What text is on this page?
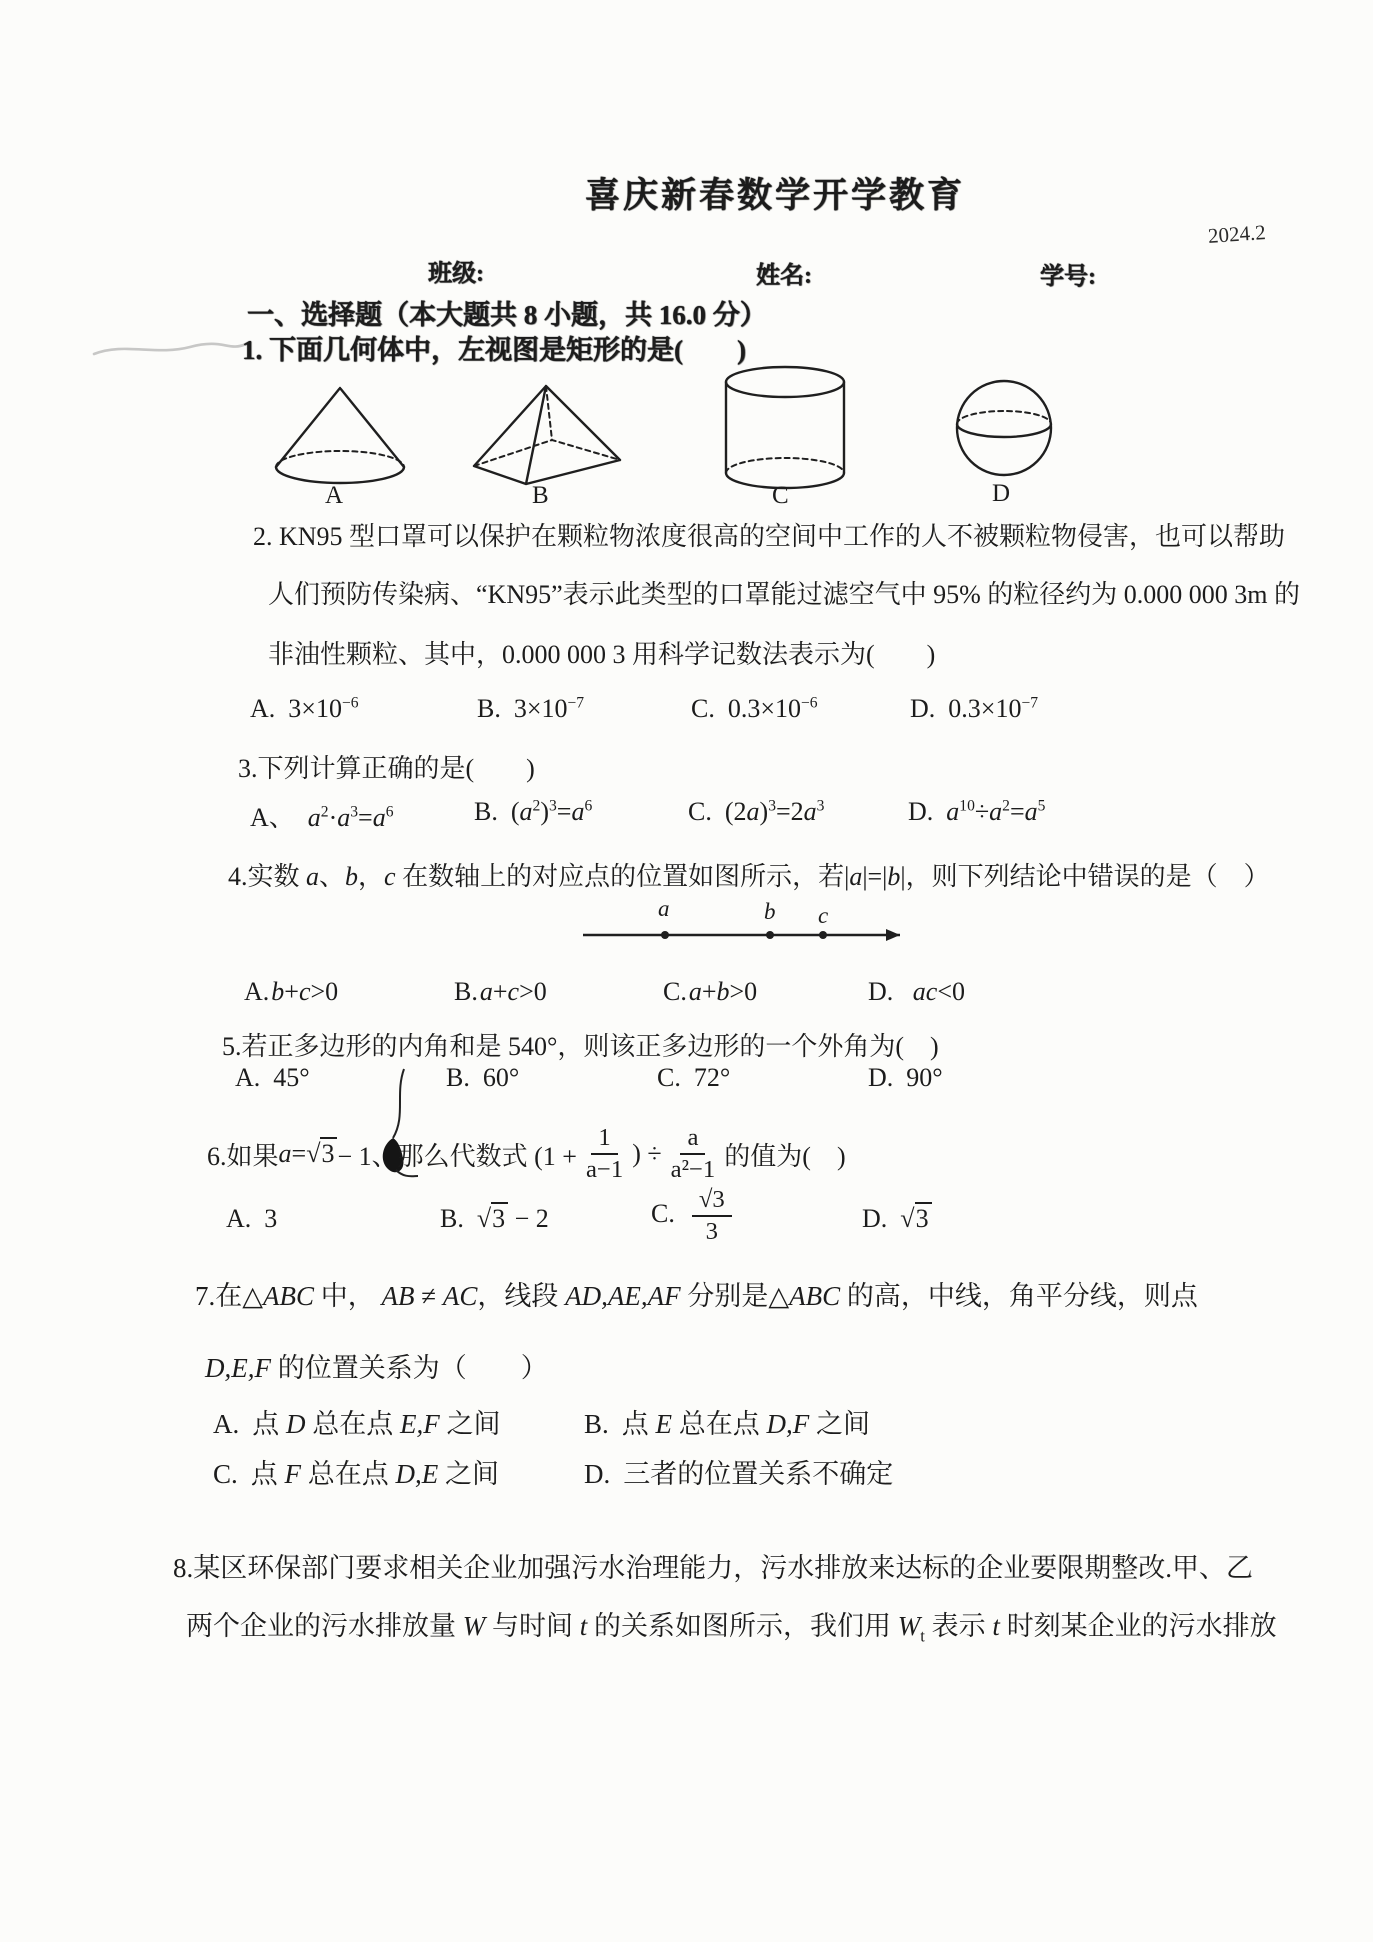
喜庆新春数学开学教育
2024.2
班级:	姓名:	学号:
一、选择题（本大题共 8 小题，共 16.0 分）
1. 下面几何体中，左视图是矩形的是(　　)
A	B	C	D
2. KN95 型口罩可以保护在颗粒物浓度很高的空间中工作的人不被颗粒物侵害，也可以帮助
人们预防传染病、“KN95”表示此类型的口罩能过滤空气中 95% 的粒径约为 0.000 000 3m 的
非油性颗粒、其中，0.000 000 3 用科学记数法表示为(　　)
A. $3\times 10^{-6}$	B. $3\times 10^{-7}$	C. $0.3\times 10^{-6}$	D. $0.3\times 10^{-7}$
3.下列计算正确的是(　　)
A、 $a^2\cdot a^3=a^6$	B. $(a^2)^3=a^6$	C. $(2a)^3=2a^3$	D. $a^{10}\div a^2=a^5$
4.实数 a、b，c 在数轴上的对应点的位置如图所示，若|a|=|b|，则下列结论中错误的是（　）
a	b c
A.b+c>0	B.a+c>0	C.a+b>0	D. ac<0
5.若正多边形的内角和是 540°，则该正多边形的一个外角为(　)
A. 45°	B. 60°	C. 72°	D. 90°
6.如果 a = √3 − 1、那么代数式 ($1 + \frac{1}{a-1}$ ) ÷ $\frac{a}{\text{a²−1}}$ 的值为(　)
A. 3	B. √3 − 2	C. $\frac{√3}{3}$	D. √3
7.在△ABC 中， AB ≠ AC，线段 AD,AE,AF 分别是△ABC 的高，中线，角平分线，则点
D,E,F 的位置关系为（　　）
A. 点 D 总在点 E,F 之间	B. 点 E 总在点 D,F 之间
C. 点 F 总在点 D,E 之间	D. 三者的位置关系不确定
8.某区环保部门要求相关企业加强污水治理能力，污水排放来达标的企业要限期整改.甲、乙
两个企业的污水排放量 W 与时间 t 的关系如图所示，我们用 $W_t$ 表示 t 时刻某企业的污水排放
